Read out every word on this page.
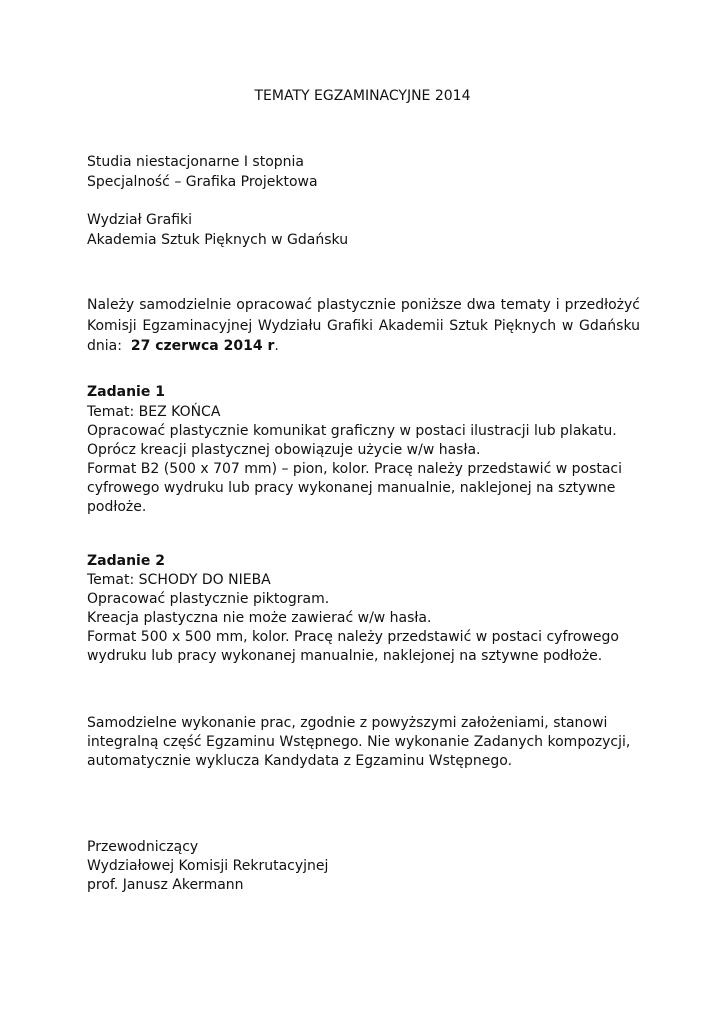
TEMATY EGZAMINACYJNE 2014

Studia niestacjonarne I stopnia

Specjalność – Grafika Projektowa

Wydział Grafiki

Akademia Sztuk Pięknych w Gdańsku

Należy samodzielnie opracować plastycznie poniższe dwa tematy i przedłożyć
Komisji Egzaminacyjnej Wydziału Grafiki Akademii Sztuk Pięknych w Gdańsku
dnia: 27 czerwca 2014 r.

Zadanie 1

Temat: BEZ KOŃCA

Opracować plastycznie komunikat graficzny w postaci ilustracji lub plakatu.

Oprócz kreacji plastycznej obowiązuje użycie w/w hasła.

Format B2 (500 x 707 mm) – pion, kolor. Pracę należy przedstawić w postaci

cyfrowego wydruku lub pracy wykonanej manualnie, naklejonej na sztywne

podłoże.

Zadanie 2

Temat: SCHODY DO NIEBA

Opracować plastycznie piktogram.

Kreacja plastyczna nie może zawierać w/w hasła.

Format 500 x 500 mm, kolor. Pracę należy przedstawić w postaci cyfrowego

wydruku lub pracy wykonanej manualnie, naklejonej na sztywne podłoże.

Samodzielne wykonanie prac, zgodnie z powyższymi założeniami, stanowi

integralną część Egzaminu Wstępnego. Nie wykonanie Zadanych kompozycji,

automatycznie wyklucza Kandydata z Egzaminu Wstępnego.

Przewodniczący

Wydziałowej Komisji Rekrutacyjnej

prof. Janusz Akermann
